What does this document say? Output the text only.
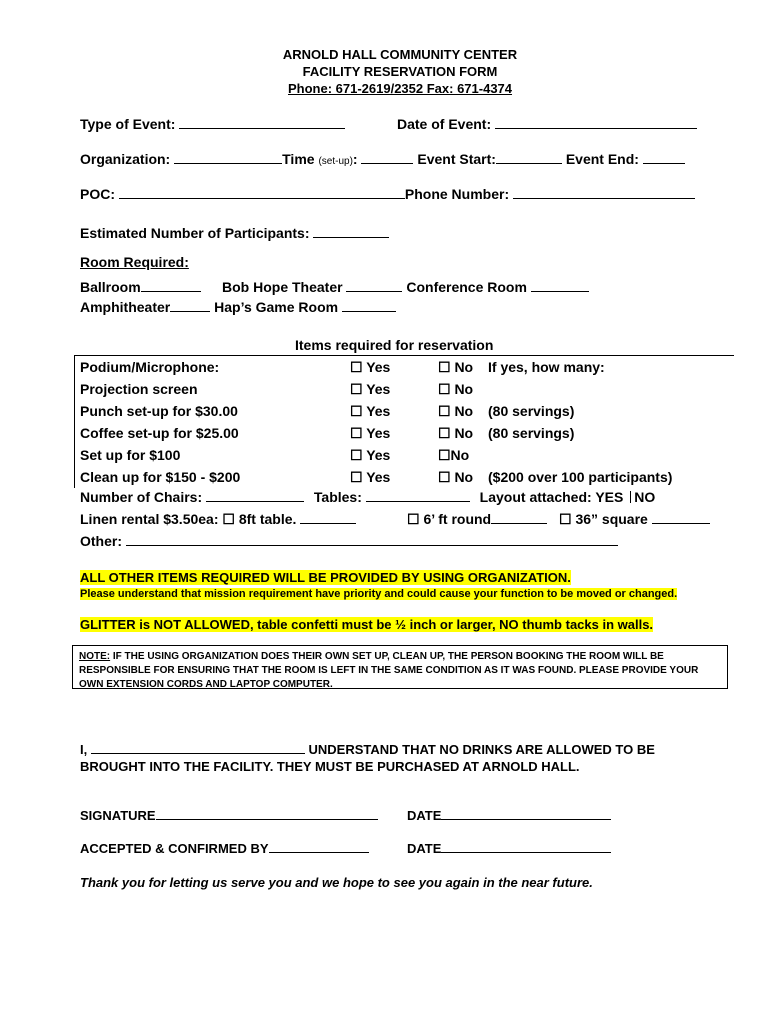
ARNOLD HALL COMMUNITY CENTER
FACILITY RESERVATION FORM
Phone: 671-2619/2352 Fax: 671-4374
Type of Event:	Date of Event:
Organization:	Time (set-up):	Event Start:	Event End:
POC:	Phone Number:
Estimated Number of Participants:
Room Required:
Ballroom	Bob Hope Theater	Conference Room
Amphitheater	Hap’s Game Room
Items required for reservation
Podium/Microphone:	☐ Yes	☐ No	If yes, how many:
Projection screen	☐ Yes	☐ No	
Punch set-up for $30.00	☐ Yes	☐ No	(80 servings)
Coffee set-up for $25.00	☐ Yes	☐ No	(80 servings)
Set up for $100	☐ Yes	☐No	
Clean up for $150 - $200	☐ Yes	☐ No	($200 over 100 participants)
Number of Chairs:	Tables:	Layout attached: YES NO
Linen rental $3.50ea: ☐ 8ft table.	☐ 6’ ft round	☐ 36” square
Other:
ALL OTHER ITEMS REQUIRED WILL BE PROVIDED BY USING ORGANIZATION.
Please understand that mission requirement have priority and could cause your function to be moved or changed.
GLITTER is NOT ALLOWED, table confetti must be ½ inch or larger, NO thumb tacks in walls.
NOTE: IF THE USING ORGANIZATION DOES THEIR OWN SET UP, CLEAN UP, THE PERSON BOOKING THE ROOM WILL BE RESPONSIBLE FOR ENSURING THAT THE ROOM IS LEFT IN THE SAME CONDITION AS IT WAS FOUND. PLEASE PROVIDE YOUR OWN EXTENSION CORDS AND LAPTOP COMPUTER.
I,	UNDERSTAND THAT NO DRINKS ARE ALLOWED TO BE
BROUGHT INTO THE FACILITY. THEY MUST BE PURCHASED AT ARNOLD HALL.
SIGNATURE	DATE
ACCEPTED & CONFIRMED BY	DATE
Thank you for letting us serve you and we hope to see you again in the near future.
